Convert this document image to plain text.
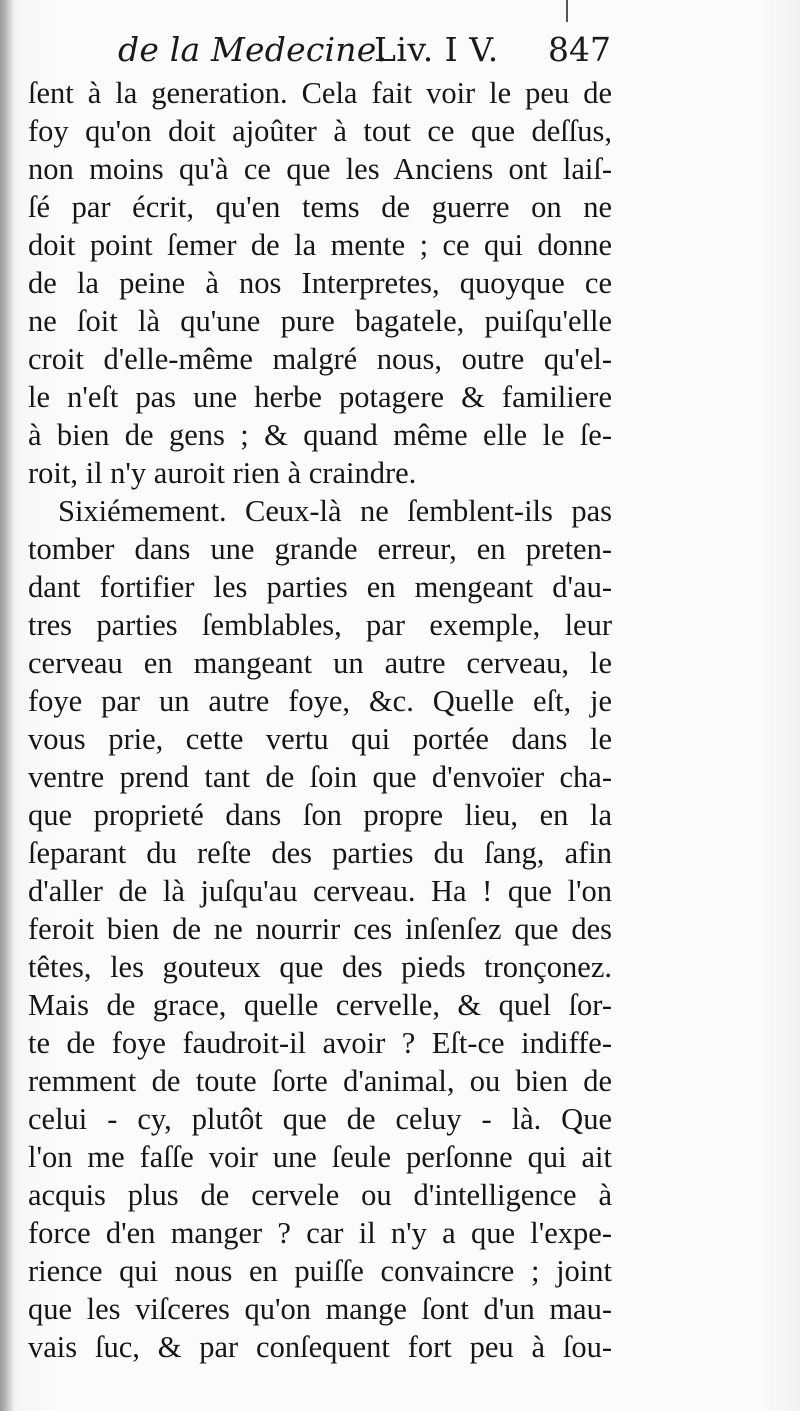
de la Medecine.
Liv. I V. 847
ſent à la generation. Cela fait voir le peu de
foy qu'on doit ajoûter à tout ce que deſſus,
non moins qu'à ce que les Anciens ont laiſ-
ſé par écrit, qu'en tems de guerre on ne
doit point ſemer de la mente ; ce qui donne
de la peine à nos Interpretes, quoyque ce
ne ſoit là qu'une pure bagatele, puiſqu'elle
croit d'elle-même malgré nous, outre qu'el-
le n'eſt pas une herbe potagere & familiere
à bien de gens ; & quand même elle le ſe-
roit, il n'y auroit rien à craindre.
Sixiémement. Ceux-là ne ſemblent-ils pas
tomber dans une grande erreur, en preten-
dant fortifier les parties en mengeant d'au-
tres parties ſemblables, par exemple, leur
cerveau en mangeant un autre cerveau, le
foye par un autre foye, &c. Quelle eſt, je
vous prie, cette vertu qui portée dans le
ventre prend tant de ſoin que d'envoïer cha-
que proprieté dans ſon propre lieu, en la
ſeparant du reſte des parties du ſang, afin
d'aller de là juſqu'au cerveau. Ha ! que l'on
feroit bien de ne nourrir ces inſenſez que des
têtes, les gouteux que des pieds tronçonez.
Mais de grace, quelle cervelle, & quel ſor-
te de foye faudroit-il avoir ? Eſt-ce indiffe-
remment de toute ſorte d'animal, ou bien de
celui - cy, plutôt que de celuy - là. Que
l'on me faſſe voir une ſeule perſonne qui ait
acquis plus de cervele ou d'intelligence à
force d'en manger ? car il n'y a que l'expe-
rience qui nous en puiſſe convaincre ; joint
que les viſceres qu'on mange ſont d'un mau-
vais ſuc, & par conſequent fort peu à ſou-
